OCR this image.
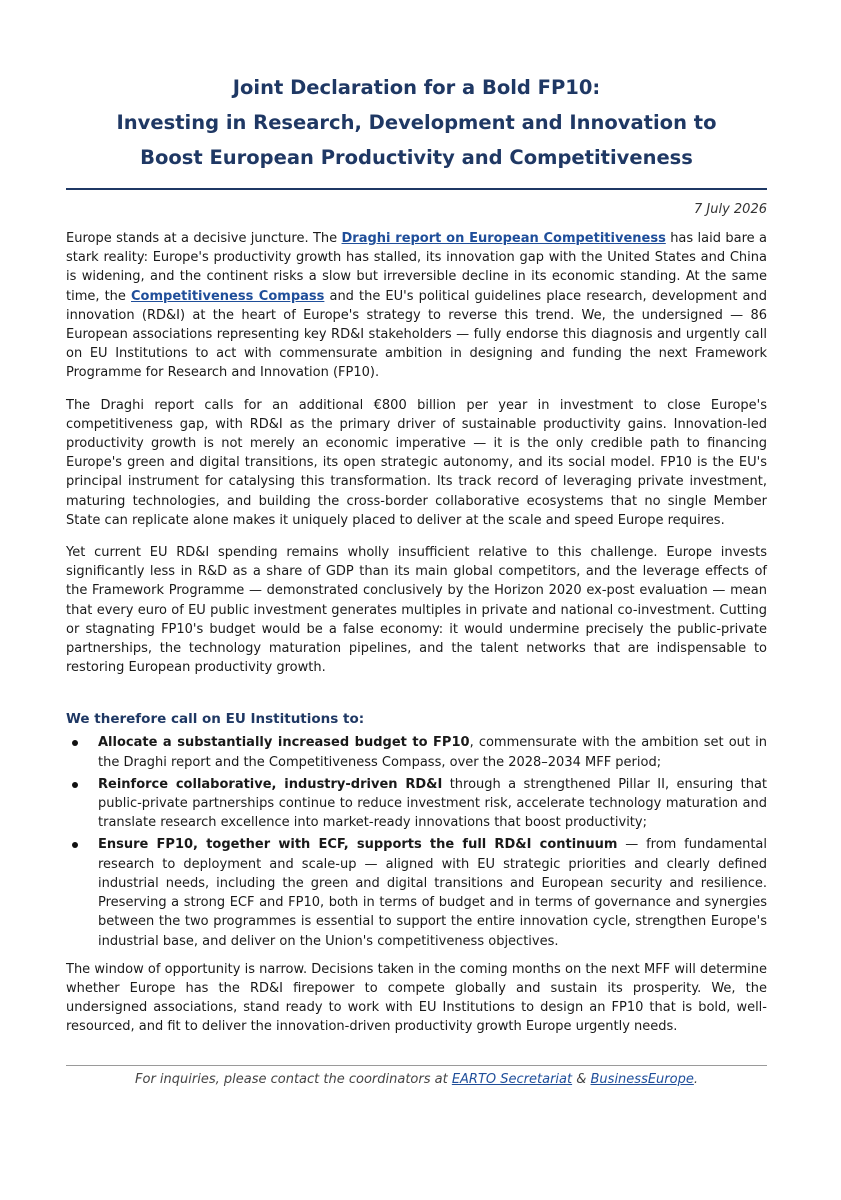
Joint Declaration for a Bold FP10:
Investing in Research, Development and Innovation to
Boost European Productivity and Competitiveness
7 July 2026

Europe stands at a decisive juncture. The Draghi report on European Competitiveness has laid bare a stark reality: Europe's productivity growth has stalled, its innovation gap with the United States and China is widening, and the continent risks a slow but irreversible decline in its economic standing. At the same time, the Competitiveness Compass and the EU's political guidelines place research, development and innovation (RD&I) at the heart of Europe's strategy to reverse this trend. We, the undersigned — 86 European associations representing key RD&I stakeholders — fully endorse this diagnosis and urgently call on EU Institutions to act with commensurate ambition in designing and funding the next Framework Programme for Research and Innovation (FP10).

The Draghi report calls for an additional €800 billion per year in investment to close Europe's competitiveness gap, with RD&I as the primary driver of sustainable productivity gains. Innovation-led productivity growth is not merely an economic imperative — it is the only credible path to financing Europe's green and digital transitions, its open strategic autonomy, and its social model. FP10 is the EU's principal instrument for catalysing this transformation. Its track record of leveraging private investment, maturing technologies, and building the cross-border collaborative ecosystems that no single Member State can replicate alone makes it uniquely placed to deliver at the scale and speed Europe requires.

Yet current EU RD&I spending remains wholly insufficient relative to this challenge. Europe invests significantly less in R&D as a share of GDP than its main global competitors, and the leverage effects of the Framework Programme — demonstrated conclusively by the Horizon 2020 ex-post evaluation — mean that every euro of EU public investment generates multiples in private and national co-investment. Cutting or stagnating FP10's budget would be a false economy: it would undermine precisely the public-private partnerships, the technology maturation pipelines, and the talent networks that are indispensable to restoring European productivity growth.

We therefore call on EU Institutions to:
Allocate a substantially increased budget to FP10, commensurate with the ambition set out in the Draghi report and the Competitiveness Compass, over the 2028–2034 MFF period;
Reinforce collaborative, industry-driven RD&I through a strengthened Pillar II, ensuring that public-private partnerships continue to reduce investment risk, accelerate technology maturation and translate research excellence into market-ready innovations that boost productivity;
Ensure FP10, together with ECF, supports the full RD&I continuum — from fundamental research to deployment and scale-up — aligned with EU strategic priorities and clearly defined industrial needs, including the green and digital transitions and European security and resilience. Preserving a strong ECF and FP10, both in terms of budget and in terms of governance and synergies between the two programmes is essential to support the entire innovation cycle, strengthen Europe's industrial base, and deliver on the Union's competitiveness objectives.

The window of opportunity is narrow. Decisions taken in the coming months on the next MFF will determine whether Europe has the RD&I firepower to compete globally and sustain its prosperity. We, the undersigned associations, stand ready to work with EU Institutions to design an FP10 that is bold, well-resourced, and fit to deliver the innovation-driven productivity growth Europe urgently needs.

For inquiries, please contact the coordinators at EARTO Secretariat & BusinessEurope.
